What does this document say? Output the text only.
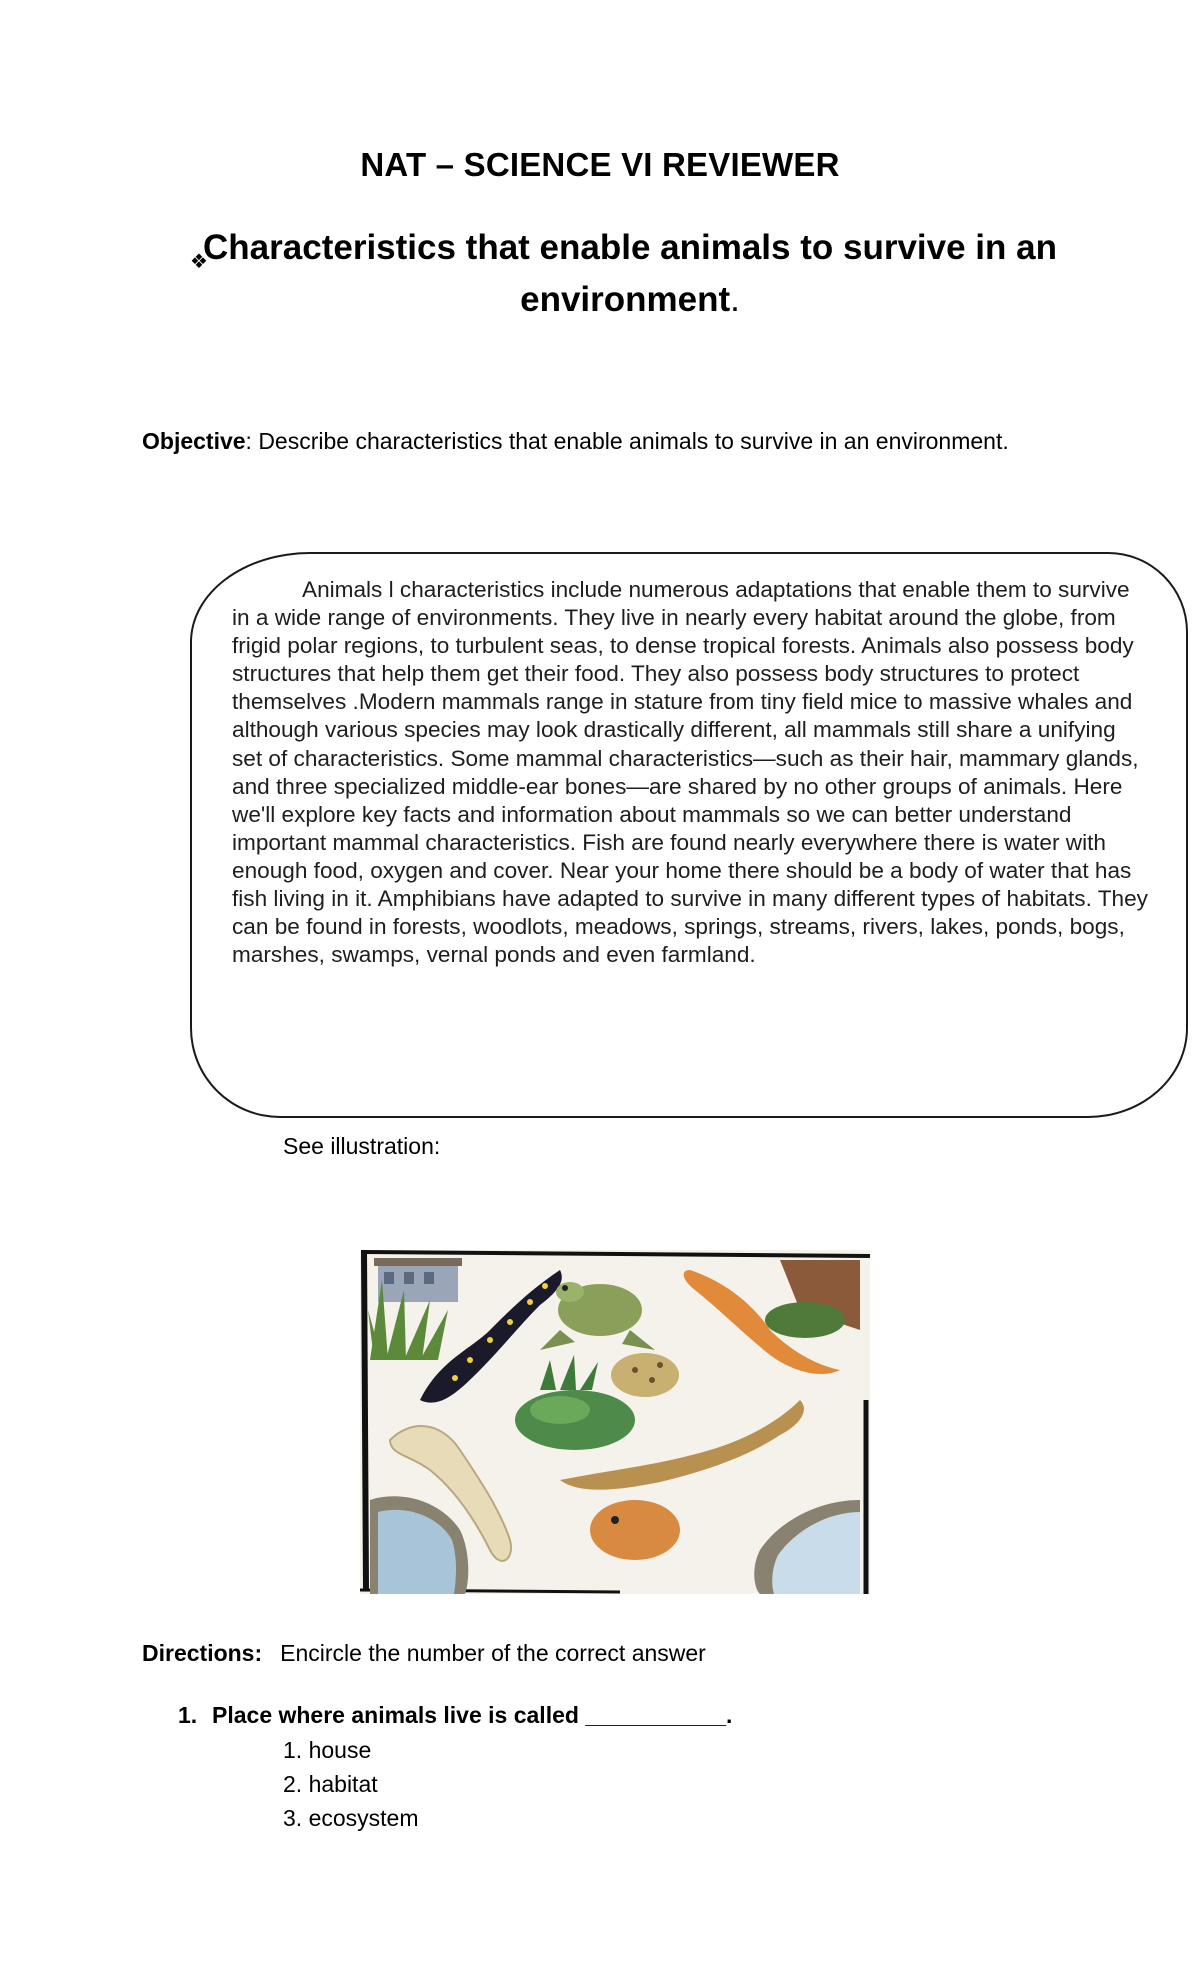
NAT – SCIENCE VI REVIEWER
❖
Characteristics that enable animals to survive in an environment.
Objective: Describe characteristics that enable animals to survive in an environment.

Animals l characteristics include numerous adaptations that enable them to survive in a wide range of environments. They live in nearly every habitat around the globe, from frigid polar regions, to turbulent seas, to dense tropical forests. Animals also possess body structures that help them get their food. They also possess body structures to protect themselves .Modern mammals range in stature from tiny field mice to massive whales and although various species may look drastically different, all mammals still share a unifying set of characteristics. Some mammal characteristics—such as their hair, mammary glands, and three specialized middle-ear bones—are shared by no other groups of animals. Here we'll explore key facts and information about mammals so we can better understand important mammal characteristics. Fish are found nearly everywhere there is water with enough food, oxygen and cover. Near your home there should be a body of water that has fish living in it. Amphibians have adapted to survive in many different types of habitats. They can be found in forests, woodlots, meadows, springs, streams, rivers, lakes, ponds, bogs, marshes, swamps, vernal ponds and even farmland.

See illustration:
Directions: Encircle the number of the correct answer
1. Place where animals live is called ___________.
1. house
2. habitat
3. ecosystem
